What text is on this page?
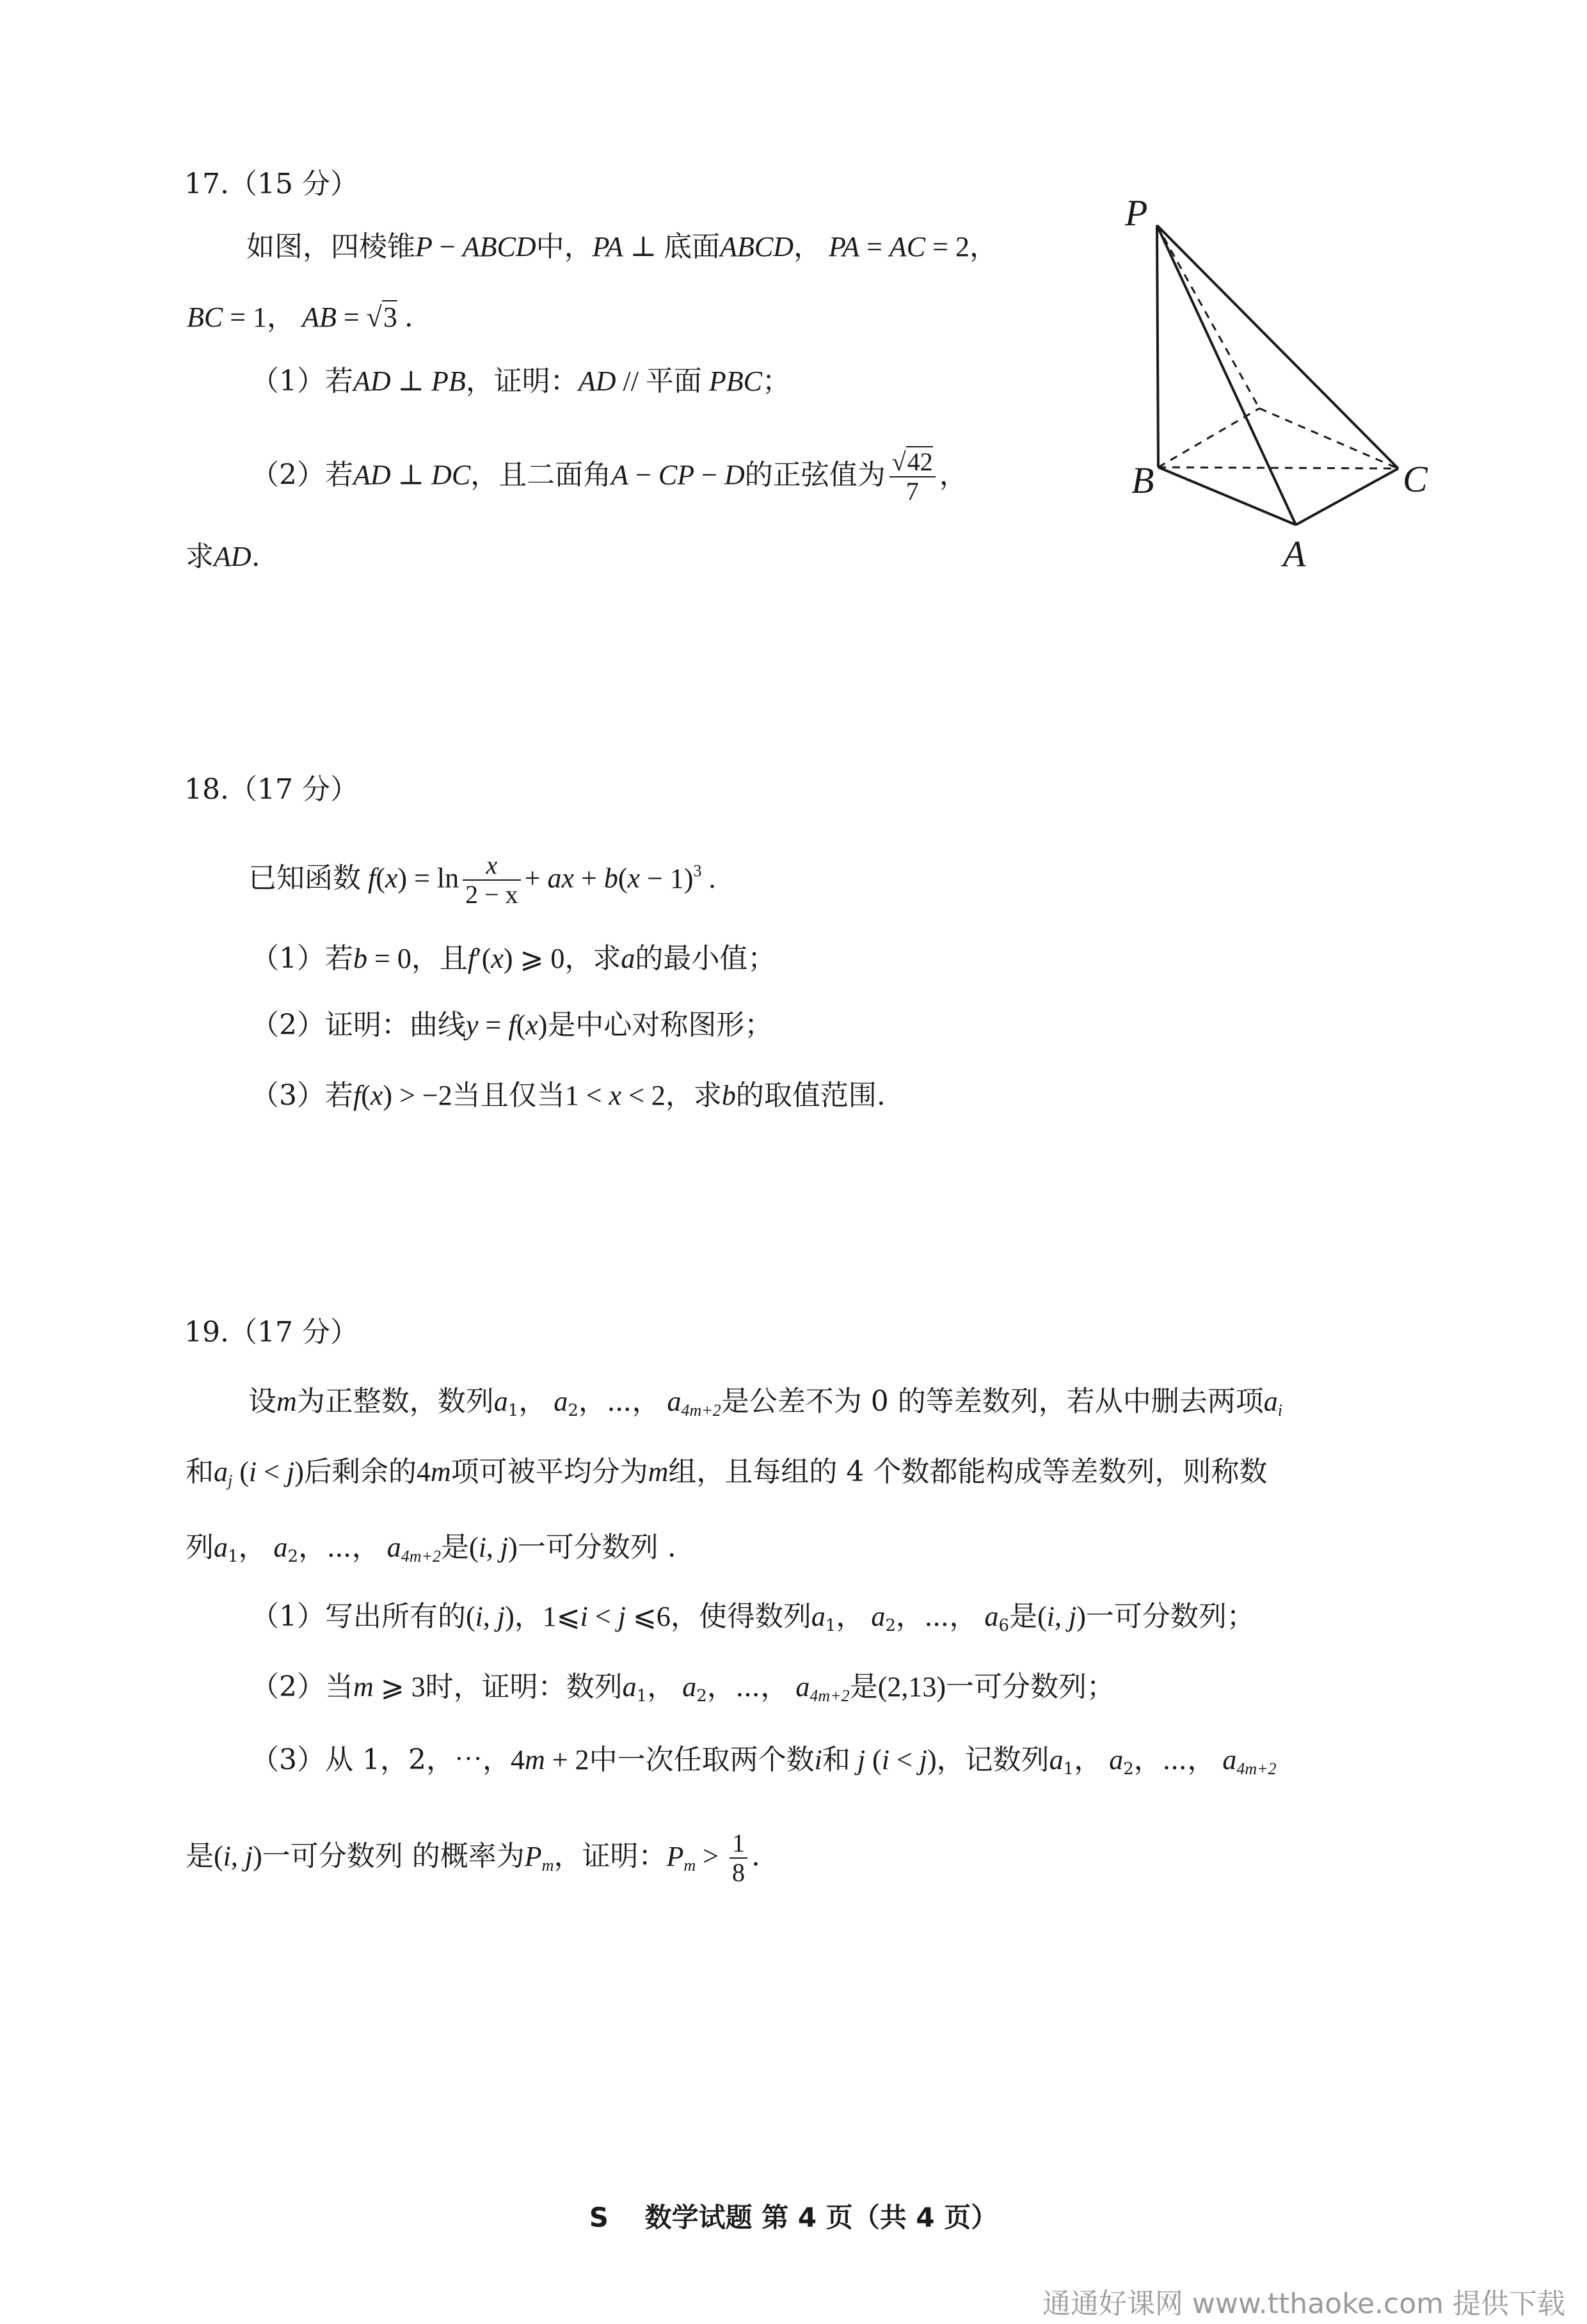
17.（15 分）
如图，四棱锥P − ABCD中，PA ⊥ 底面ABCD， PA = AC = 2，
BC = 1， AB = √3 .
（1）若AD ⊥ PB，证明：AD // 平面 PBC；
（2）若AD ⊥ DC，且二面角A − CP − D的正弦值为 $\frac{√42}{7}$ ，
求AD.
P
B	C
A
18.（17 分）
已知函数 $f(x) = \ln \frac{x}{2 - x}$ + ax + $b(x - 1)^3$ .
（1）若b = 0，且f′(x) ⩾ 0，求a的最小值；
（2）证明：曲线y = f(x)是中心对称图形；
（3）若f(x) > −2当且仅当1 < x < 2，求b的取值范围.
19.（17 分）
设m为正整数，数列$a_1$， $a_2$，⋯， $a_{4m+2}$是公差不为 0 的等差数列，若从中删去两项$a_i$
和$a_j$ (i < j)后剩余的4m项可被平均分为m组，且每组的 4 个数都能构成等差数列，则称数
列$a_1$， $a_2$，⋯， $a_{4m+2}$是(i, j)一可分数列 .
（1）写出所有的(i, j)，1⩽i < j ⩽6，使得数列$a_1$， $a_2$，⋯， $a_6$是(i, j)一可分数列；
（2）当m ⩾ 3时，证明：数列$a_1$， $a_2$，⋯， $a_{4m+2}$是(2,13)一可分数列；
（3）从 1，2，⋯，4m + 2中一次任取两个数i和 j (i < j)，记数列$a_1$， $a_2$，⋯， $a_{4m+2}$
是(i, j)一可分数列 的概率为$P_m$，证明：$P_m > \frac{1}{8}$ .
S　 数学试题 第 4 页（共 4 页）
通通好课网 www.tthaoke.com 提供下载
